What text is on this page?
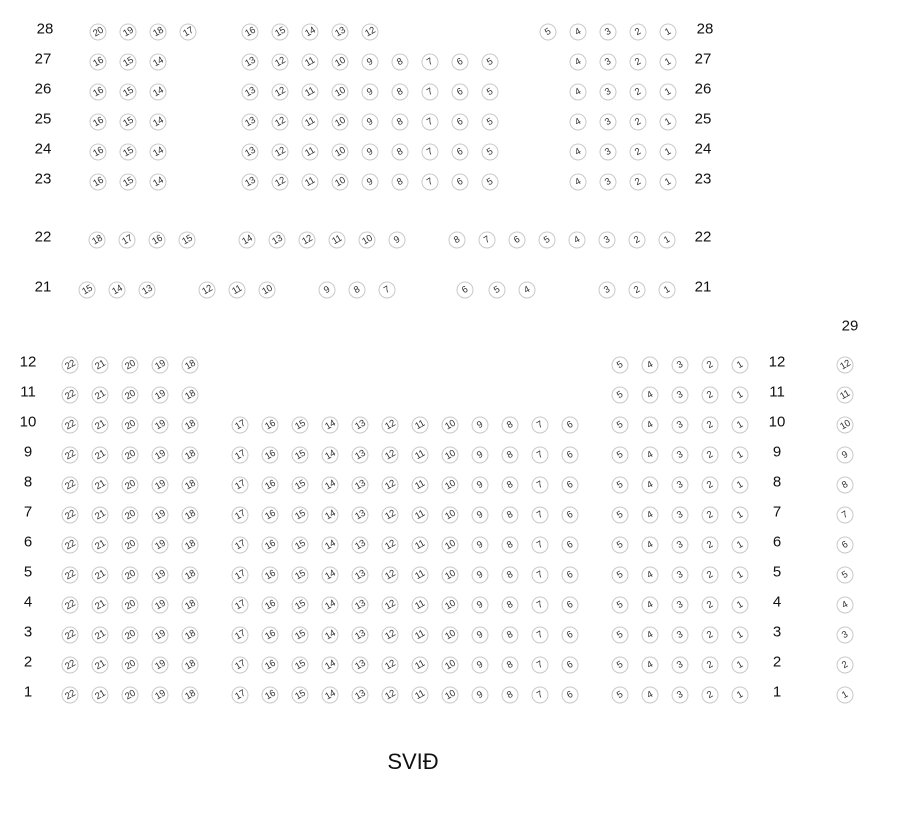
28	28
20 19 18 17	16 15 14 13 12	5 4 3 2 1
27	27
16 15 14	13 12 11 10 9 8 7 6 5	4 3 2 1
26	26
16 15 14	13 12 11 10 9 8 7 6 5	4 3 2 1
25	25
16 15 14	13 12 11 10 9 8 7 6 5	4 3 2 1
24	24
16 15 14	13 12 11 10 9 8 7 6 5	4 3 2 1
23	23
16 15 14	13 12 11 10 9 8 7 6 5	4 3 2 1
22	22
18 17 16 15	14 13 12 11 10 9	8 7 6 5 4 3 2 1
21	21
15 14 13	12 11 10	9 8 7	6 5 4	3 2 1
12	12
22 21 20 19 18	5 4 3 2 1
11	11
22 21 20 19 18	5 4 3 2 1
10	10
22 21 20 19 18	17 16 15 14 13 12 11 10 9 8 7 6	5 4 3 2 1
9	9
22 21 20 19 18	17 16 15 14 13 12 11 10 9 8 7 6	5 4 3 2 1
8	8
22 21 20 19 18	17 16 15 14 13 12 11 10 9 8 7 6	5 4 3 2 1
7	7
22 21 20 19 18	17 16 15 14 13 12 11 10 9 8 7 6	5 4 3 2 1
6	6
22 21 20 19 18	17 16 15 14 13 12 11 10 9 8 7 6	5 4 3 2 1
5	5
22 21 20 19 18	17 16 15 14 13 12 11 10 9 8 7 6	5 4 3 2 1
4	4
22 21 20 19 18	17 16 15 14 13 12 11 10 9 8 7 6	5 4 3 2 1
3	3
22 21 20 19 18	17 16 15 14 13 12 11 10 9 8 7 6	5 4 3 2 1
2	2
22 21 20 19 18	17 16 15 14 13 12 11 10 9 8 7 6	5 4 3 2 1
1	1
22 21 20 19 18	17 16 15 14 13 12 11 10 9 8 7 6	5 4 3 2 1
29
12
11
10
9
8
7
6
5
4
3
2
1
SVIÐ
